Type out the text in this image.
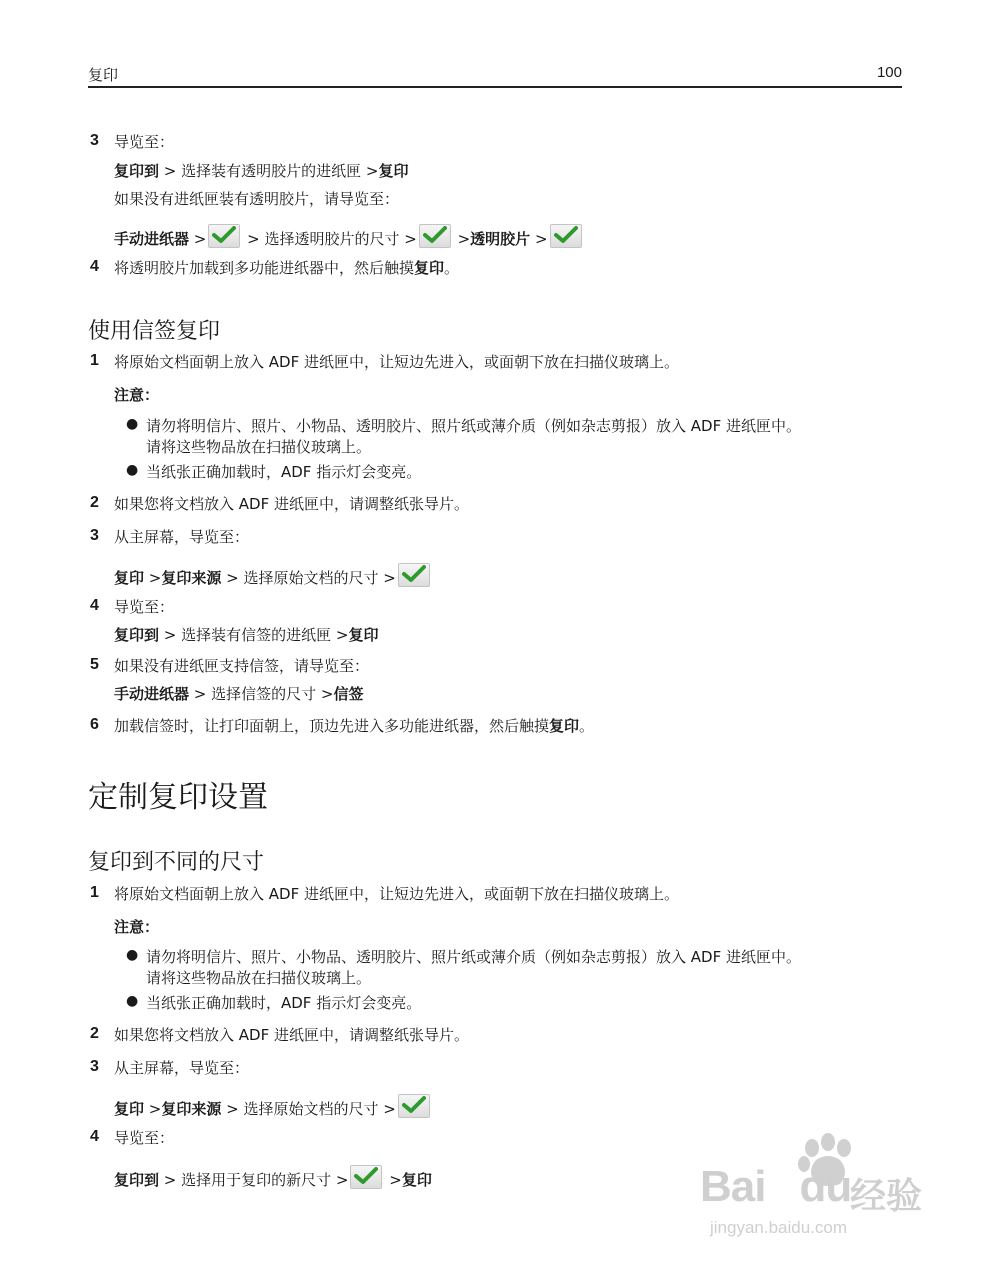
复印	100
3 导览至：
复印到 > 选择装有透明胶片的进纸匣 >复印
如果没有进纸匣装有透明胶片，请导览至：
手动进纸器 >
> 选择透明胶片的尺寸 >
>透明胶片 >
4 将透明胶片加载到多功能进纸器中，然后触摸复印。
使用信签复印
1 将原始文档面朝上放入 ADF 进纸匣中，让短边先进入，或面朝下放在扫描仪玻璃上。
注意：
● 请勿将明信片、照片、小物品、透明胶片、照片纸或薄介质（例如杂志剪报）放入 ADF 进纸匣中。
请将这些物品放在扫描仪玻璃上。
● 当纸张正确加载时，ADF 指示灯会变亮。
2 如果您将文档放入 ADF 进纸匣中，请调整纸张导片。
3 从主屏幕，导览至：
复印 >复印来源 > 选择原始文档的尺寸 >
4 导览至：
复印到 > 选择装有信签的进纸匣 >复印
5 如果没有进纸匣支持信签，请导览至：
手动进纸器 > 选择信签的尺寸 >信签
6 加载信签时，让打印面朝上，顶边先进入多功能进纸器，然后触摸复印。
定制复印设置
复印到不同的尺寸
1 将原始文档面朝上放入 ADF 进纸匣中，让短边先进入，或面朝下放在扫描仪玻璃上。
注意：
● 请勿将明信片、照片、小物品、透明胶片、照片纸或薄介质（例如杂志剪报）放入 ADF 进纸匣中。
请将这些物品放在扫描仪玻璃上。
● 当纸张正确加载时，ADF 指示灯会变亮。
2 如果您将文档放入 ADF 进纸匣中，请调整纸张导片。
3 从主屏幕，导览至：
复印 >复印来源 > 选择原始文档的尺寸 >
4 导览至：
复印到 > 选择用于复印的新尺寸 >
>复印	Bai du
经验
jingyan.baidu.com
